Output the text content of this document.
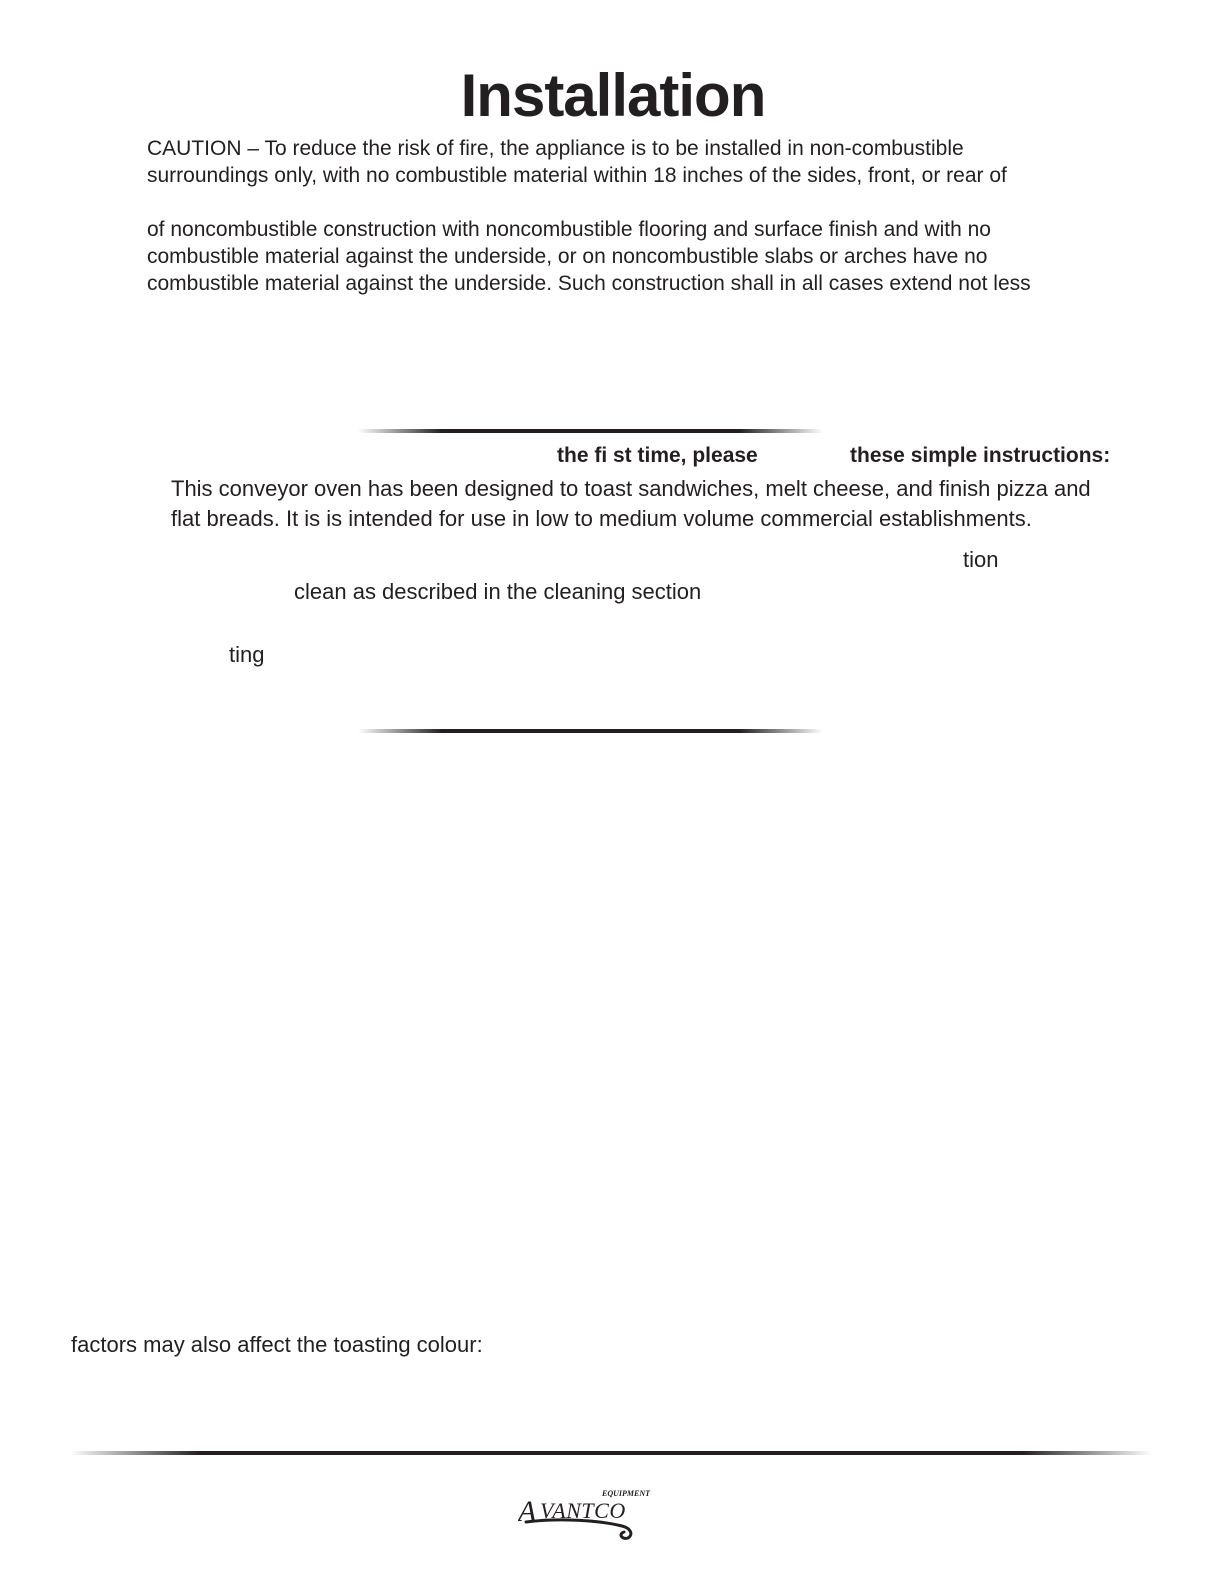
Installation
CAUTION – To reduce the risk of fire, the appliance is to be installed in non-combustible
surroundings only, with no combustible material within 18 inches of the sides, front, or rear of
of noncombustible construction with noncombustible flooring and surface finish and with no
combustible material against the underside, or on noncombustible slabs or arches have no
combustible material against the underside. Such construction shall in all cases extend not less
the fi st time, please	these simple instructions:
This conveyor oven has been designed to toast sandwiches, melt cheese, and finish pizza and
flat breads. It is is intended for use in low to medium volume commercial establishments.
tion
clean as described in the cleaning section
ting
factors may also affect the toasting colour:
EQUIPMENT
A VANTCO
